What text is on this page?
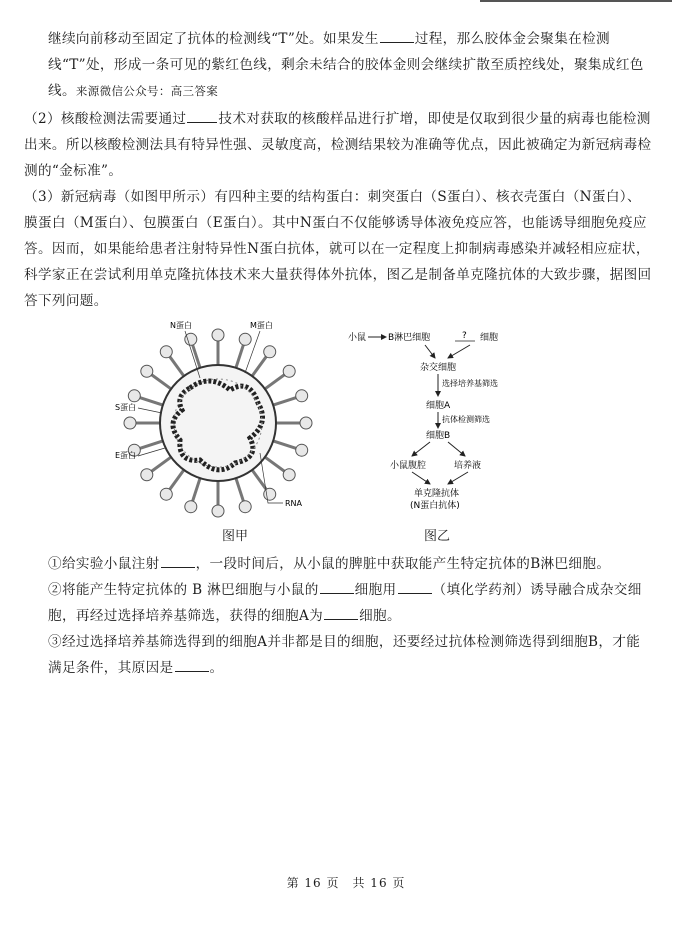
继续向前移动至固定了抗体的检测线“T”处。如果发生	过程，那么胶体金会聚集在检测线“T”处，形成一条可见的紫红色线，剩余未结合的胶体金则会继续扩散至质控线处，聚集成红色线。来源微信公众号：高三答案
（2）核酸检测法需要通过 技术对获取的核酸样品进行扩增，即使是仅取到很少量的病毒也能检测出来。所以核酸检测法具有特异性强、灵敏度高，检测结果较为准确等优点，因此被确定为新冠病毒检测的“金标准”。
（3）新冠病毒（如图甲所示）有四种主要的结构蛋白：刺突蛋白（S蛋白）、核衣壳蛋白（N蛋白）、膜蛋白（M蛋白）、包膜蛋白（E蛋白）。其中N蛋白不仅能够诱导体液免疫应答，也能诱导细胞免疫应答。因而，如果能给患者注射特异性N蛋白抗体，就可以在一定程度上抑制病毒感染并减轻相应症状，科学家正在尝试利用单克隆抗体技术来大量获得体外抗体，图乙是制备单克隆抗体的大致步骤，据图回答下列问题。
N蛋白	M蛋白
S蛋白
E蛋白
RNA
小鼠 B淋巴细胞	? 细胞
杂交细胞
选择培养基筛选
细胞A
抗体检测筛选
细胞B
小鼠腹腔	培养液
单克隆抗体
(N蛋白抗体)
图甲	图乙
①给实验小鼠注射	，一段时间后，从小鼠的脾脏中获取能产生特定抗体的B淋巴细胞。
②将能产生特定抗体的 B 淋巴细胞与小鼠的	细胞用	（填化学药剂）诱导融合成杂交细胞，再经过选择培养基筛选，获得的细胞A为	细胞。
③经过选择培养基筛选得到的细胞A并非都是目的细胞，还要经过抗体检测筛选得到细胞B，才能满足条件，其原因是	。
第 16 页　共 16 页
